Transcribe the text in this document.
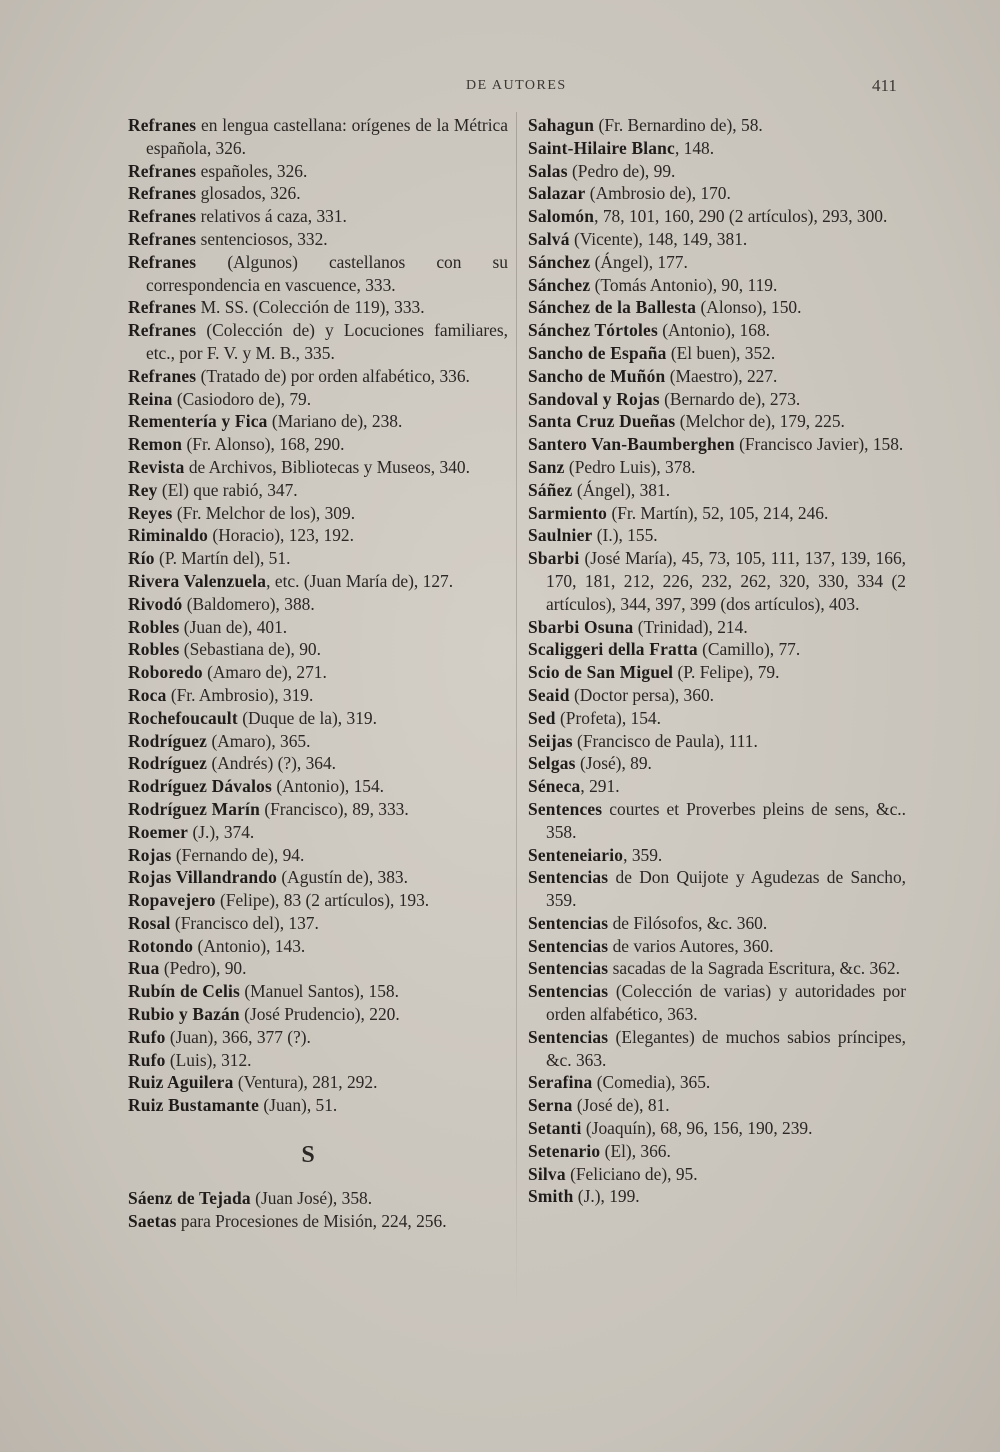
DE AUTORES	411
Refranes en lengua castellana: orígenes de la Métrica española, 326.
Refranes españoles, 326.
Refranes glosados, 326.
Refranes relativos á caza, 331.
Refranes sentenciosos, 332.
Refranes (Algunos) castellanos con su correspondencia en vascuence, 333.
Refranes M. SS. (Colección de 119), 333.
Refranes (Colección de) y Locuciones familiares, etc., por F. V. y M. B., 335.
Refranes (Tratado de) por orden alfabético, 336.
Reina (Casiodoro de), 79.
Rementería y Fica (Mariano de), 238.
Remon (Fr. Alonso), 168, 290.
Revista de Archivos, Bibliotecas y Museos, 340.
Rey (El) que rabió, 347.
Reyes (Fr. Melchor de los), 309.
Riminaldo (Horacio), 123, 192.
Río (P. Martín del), 51.
Rivera Valenzuela, etc. (Juan María de), 127.
Rivodó (Baldomero), 388.
Robles (Juan de), 401.
Robles (Sebastiana de), 90.
Roboredo (Amaro de), 271.
Roca (Fr. Ambrosio), 319.
Rochefoucault (Duque de la), 319.
Rodríguez (Amaro), 365.
Rodríguez (Andrés) (?), 364.
Rodríguez Dávalos (Antonio), 154.
Rodríguez Marín (Francisco), 89, 333.
Roemer (J.), 374.
Rojas (Fernando de), 94.
Rojas Villandrando (Agustín de), 383.
Ropavejero (Felipe), 83 (2 artículos), 193.
Rosal (Francisco del), 137.
Rotondo (Antonio), 143.
Rua (Pedro), 90.
Rubín de Celis (Manuel Santos), 158.
Rubio y Bazán (José Prudencio), 220.
Rufo (Juan), 366, 377 (?).
Rufo (Luis), 312.
Ruiz Aguilera (Ventura), 281, 292.
Ruiz Bustamante (Juan), 51.
S
Sáenz de Tejada (Juan José), 358.
Saetas para Procesiones de Misión, 224, 256.
Sahagun (Fr. Bernardino de), 58.
Saint-Hilaire Blanc, 148.
Salas (Pedro de), 99.
Salazar (Ambrosio de), 170.
Salomón, 78, 101, 160, 290 (2 artículos), 293, 300.
Salvá (Vicente), 148, 149, 381.
Sánchez (Ángel), 177.
Sánchez (Tomás Antonio), 90, 119.
Sánchez de la Ballesta (Alonso), 150.
Sánchez Tórtoles (Antonio), 168.
Sancho de España (El buen), 352.
Sancho de Muñón (Maestro), 227.
Sandoval y Rojas (Bernardo de), 273.
Santa Cruz Dueñas (Melchor de), 179, 225.
Santero Van-Baumberghen (Francisco Javier), 158.
Sanz (Pedro Luis), 378.
Sáñez (Ángel), 381.
Sarmiento (Fr. Martín), 52, 105, 214, 246.
Saulnier (I.), 155.
Sbarbi (José María), 45, 73, 105, 111, 137, 139, 166, 170, 181, 212, 226, 232, 262, 320, 330, 334 (2 artículos), 344, 397, 399 (dos artículos), 403.
Sbarbi Osuna (Trinidad), 214.
Scaliggeri della Fratta (Camillo), 77.
Scio de San Miguel (P. Felipe), 79.
Seaid (Doctor persa), 360.
Sed (Profeta), 154.
Seijas (Francisco de Paula), 111.
Selgas (José), 89.
Séneca, 291.
Sentences courtes et Proverbes pleins de sens, &c.. 358.
Senteneiario, 359.
Sentencias de Don Quijote y Agudezas de Sancho, 359.
Sentencias de Filósofos, &c. 360.
Sentencias de varios Autores, 360.
Sentencias sacadas de la Sagrada Escritura, &c. 362.
Sentencias (Colección de varias) y autoridades por orden alfabético, 363.
Sentencias (Elegantes) de muchos sabios príncipes, &c. 363.
Serafina (Comedia), 365.
Serna (José de), 81.
Setanti (Joaquín), 68, 96, 156, 190, 239.
Setenario (El), 366.
Silva (Feliciano de), 95.
Smith (J.), 199.
